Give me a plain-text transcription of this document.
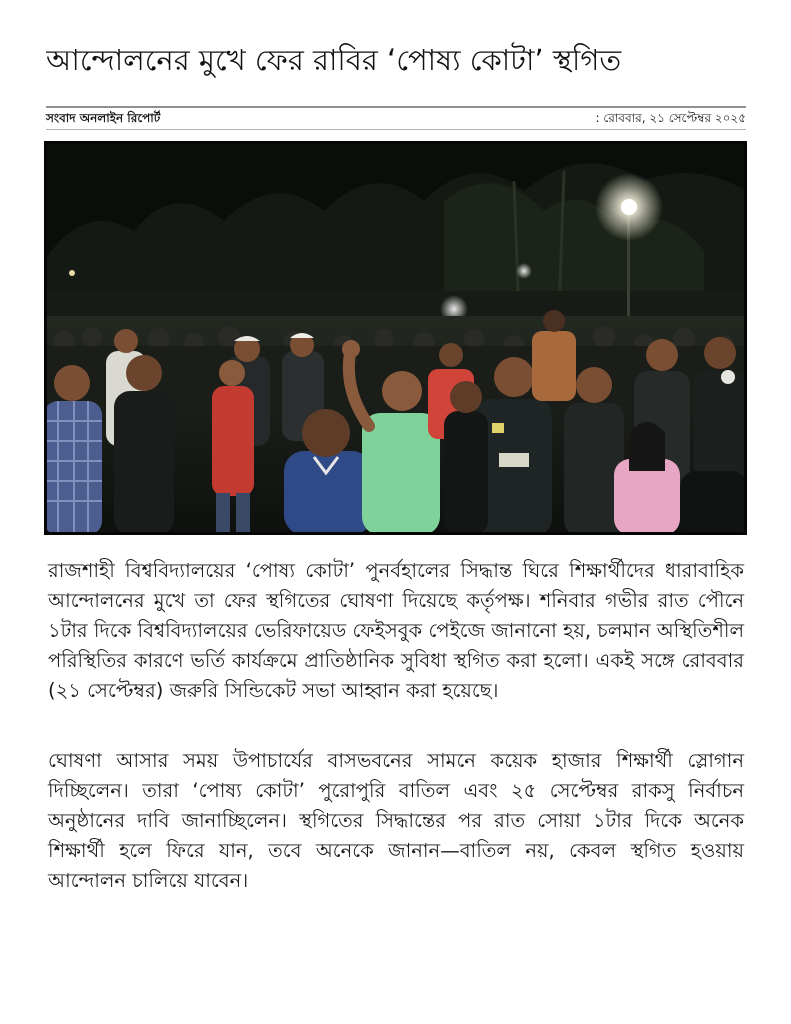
আন্দোলনের মুখে ফের রাবির ‘পোষ্য কোটা’ স্থগিত
সংবাদ অনলাইন রিপোর্ট	: রোববার, ২১ সেপ্টেম্বর ২০২৫

রাজশাহী বিশ্ববিদ্যালয়ের ‘পোষ্য কোটা’ পুনর্বহালের সিদ্ধান্ত ঘিরে শিক্ষার্থীদের ধারাবাহিক আন্দোলনের মুখে তা ফের স্থগিতের ঘোষণা দিয়েছে কর্তৃপক্ষ। শনিবার গভীর রাত পৌনে ১টার দিকে বিশ্ববিদ্যালয়ের ভেরিফায়েড ফেইসবুক পেইজে জানানো হয়, চলমান অস্থিতিশীল পরিস্থিতির কারণে ভর্তি কার্যক্রমে প্রাতিষ্ঠানিক সুবিধা স্থগিত করা হলো। একই সঙ্গে রোববার (২১ সেপ্টেম্বর) জরুরি সিন্ডিকেট সভা আহ্বান করা হয়েছে।

ঘোষণা আসার সময় উপাচার্যের বাসভবনের সামনে কয়েক হাজার শিক্ষার্থী স্লোগান দিচ্ছিলেন। তারা ‘পোষ্য কোটা’ পুরোপুরি বাতিল এবং ২৫ সেপ্টেম্বর রাকসু নির্বাচন অনুষ্ঠানের দাবি জানাচ্ছিলেন। স্থগিতের সিদ্ধান্তের পর রাত সোয়া ১টার দিকে অনেক শিক্ষার্থী হলে ফিরে যান, তবে অনেকে জানান—বাতিল নয়, কেবল স্থগিত হওয়ায় আন্দোলন চালিয়ে যাবেন।
